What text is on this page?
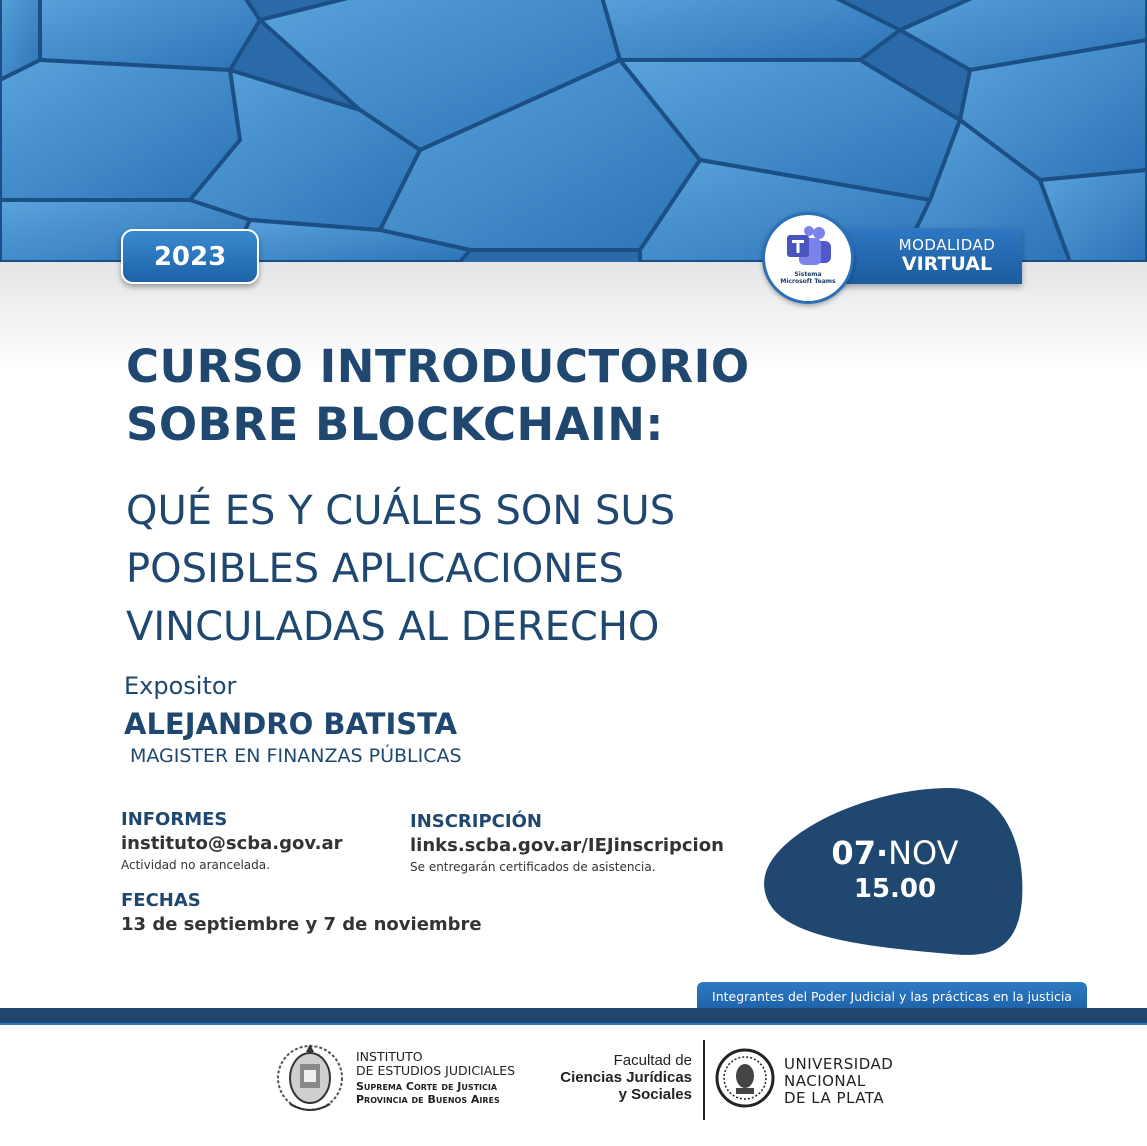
2023	MODALIDAD
VIRTUAL
Sistema
Microsoft Teams
CURSO INTRODUCTORIO
SOBRE BLOCKCHAIN:
QUÉ ES Y CUÁLES SON SUS
POSIBLES APLICACIONES
VINCULADAS AL DERECHO
Expositor
ALEJANDRO BATISTA
MAGISTER EN FINANZAS PÚBLICAS
INFORMES
instituto@scba.gov.ar
Actividad no arancelada.
INSCRIPCIÓN
links.scba.gov.ar/IEJinscripcion
Se entregarán certificados de asistencia.
FECHAS
13 de septiembre y 7 de noviembre
07·NOV
15.00
Integrantes del Poder Judicial y las prácticas en la justicia
INSTITUTO
DE ESTUDIOS JUDICIALES
Suprema Corte de Justicia
Provincia de Buenos Aires
Facultad de
Ciencias Jurídicas
y Sociales
UNIVERSIDAD
NACIONAL
DE LA PLATA
